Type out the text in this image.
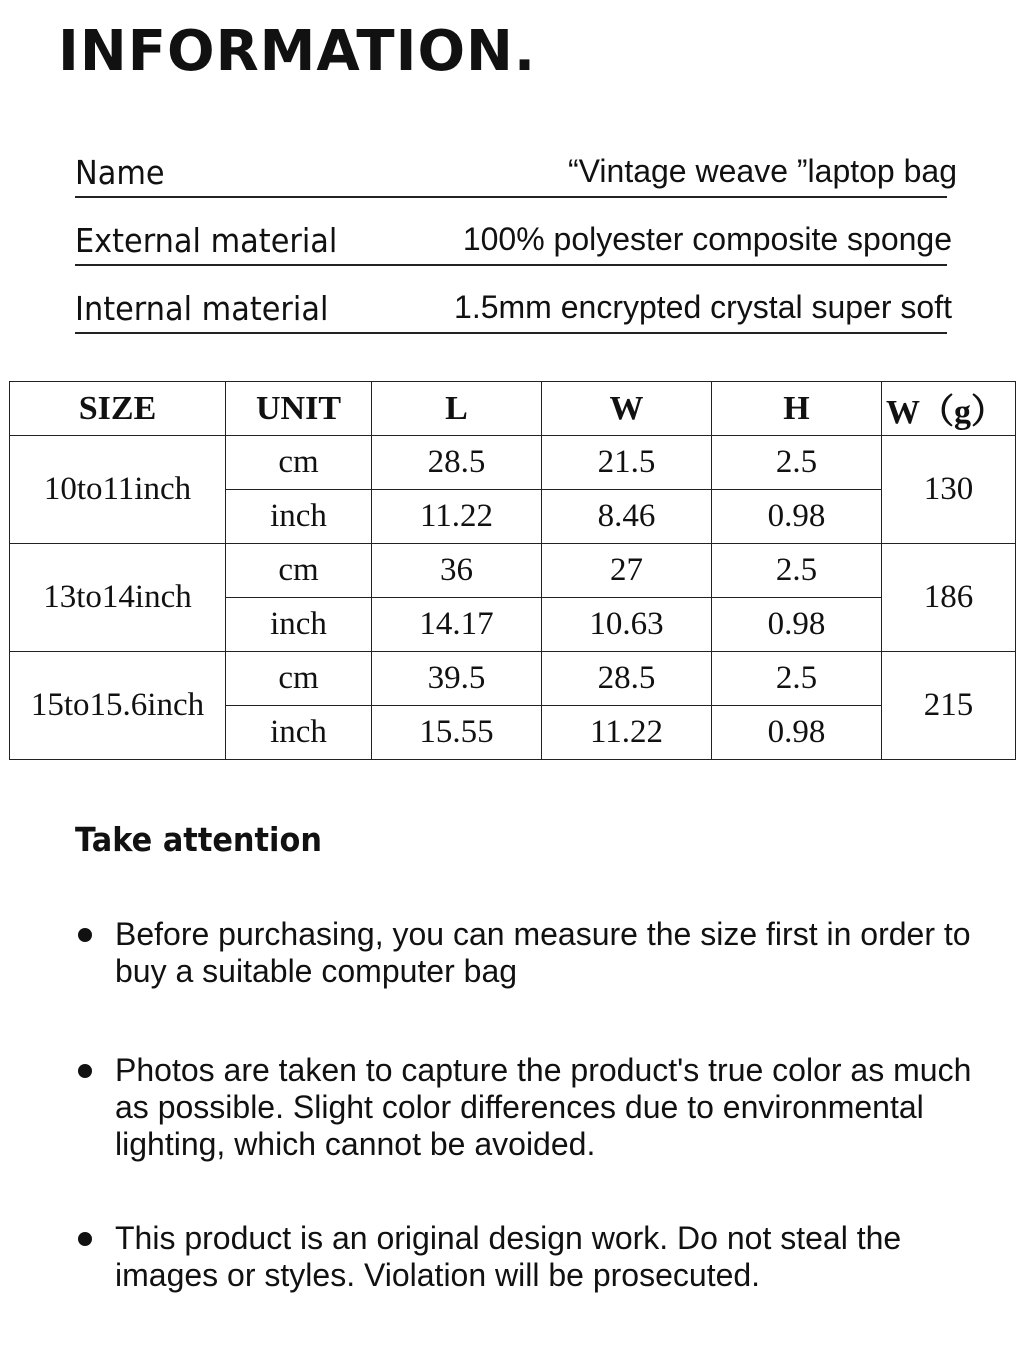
INFORMATION.
Name	“Vintage weave ”laptop bag
External material	100% polyester composite sponge
Internal material	1.5mm encrypted crystal super soft
SIZE	UNIT	L	W	H	W（g）
10to11inch	cm	28.5	21.5	2.5	130
	inch	11.22	8.46	0.98	
13to14inch	cm	36	27	2.5	186
	inch	14.17	10.63	0.98	
15to15.6inch	cm	39.5	28.5	2.5	215
	inch	15.55	11.22	0.98	
Take attention

Before purchasing, you can measure the size first in order to buy a suitable computer bag

Photos are taken to capture the product's true color as much as possible. Slight color differences due to environmental lighting, which cannot be avoided.

This product is an original design work. Do not steal the images or styles. Violation will be prosecuted.
